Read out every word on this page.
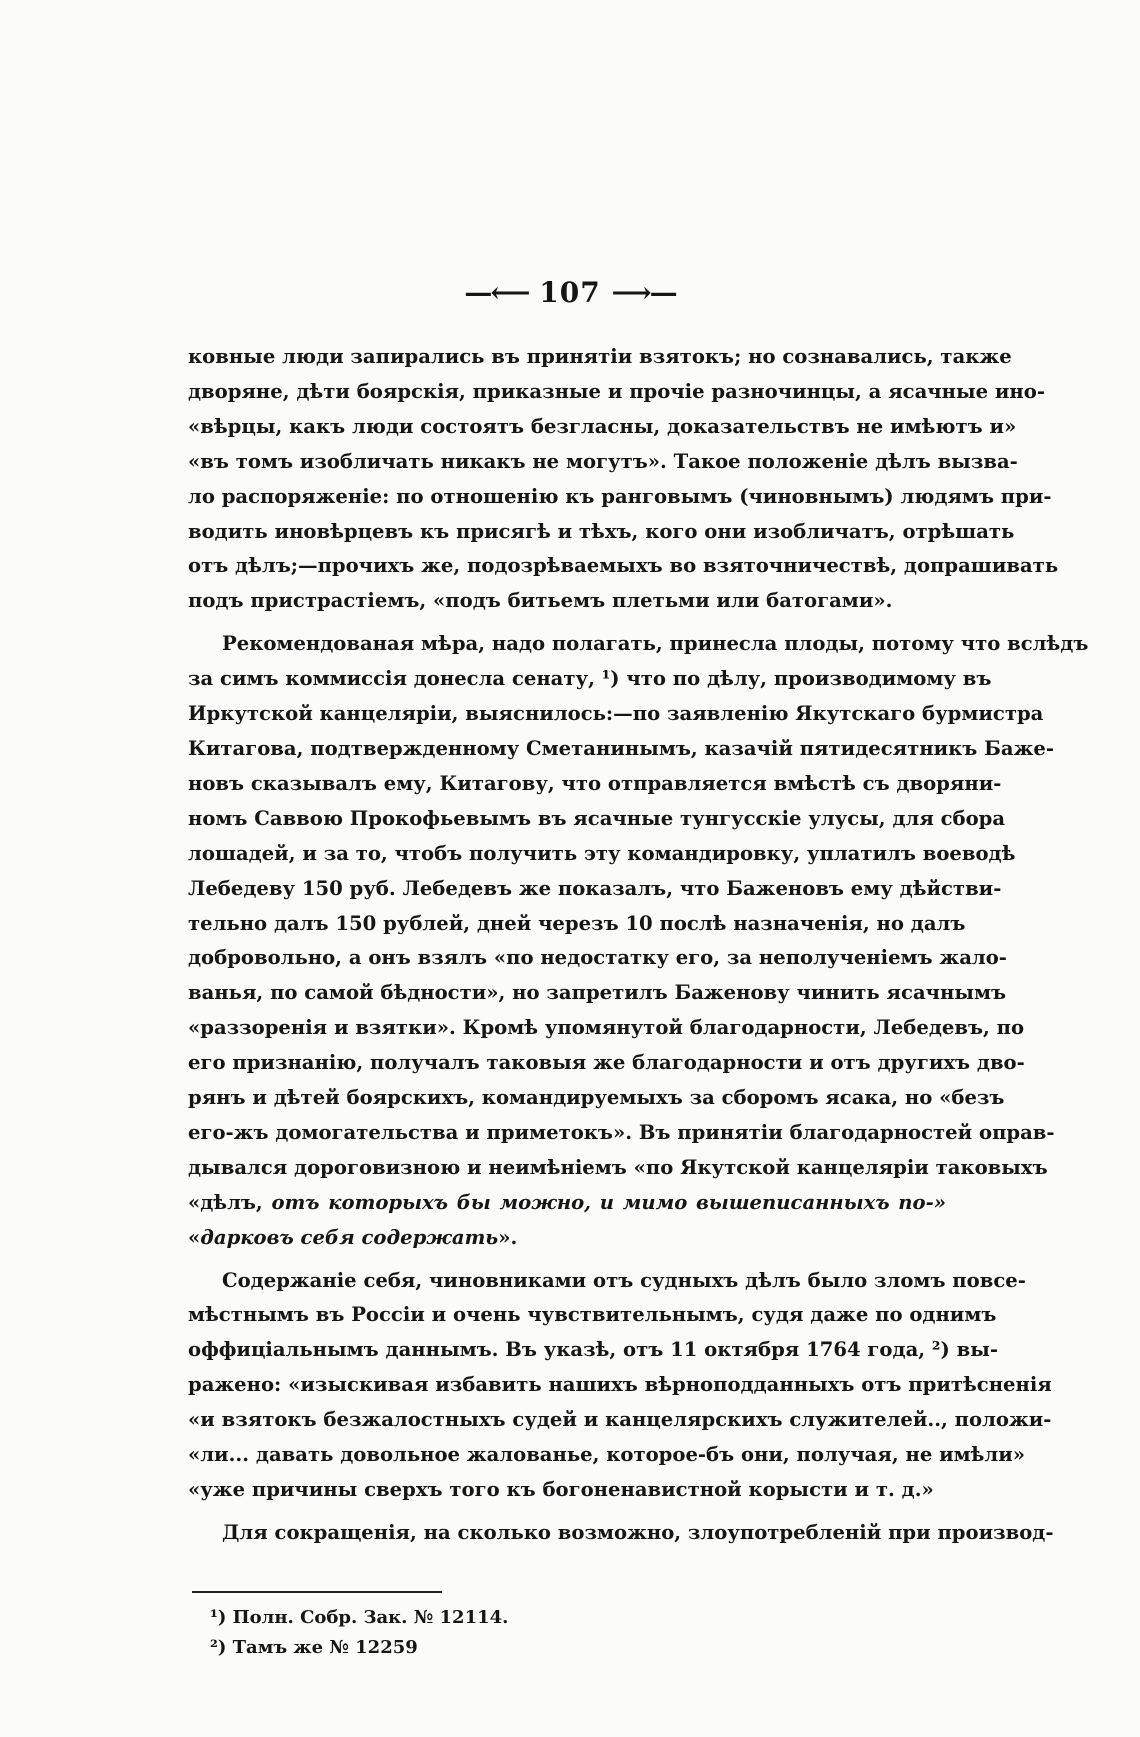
—⟵ 107 ⟶—
ковные люди запирались въ принятіи взятокъ; но сознавались, также
дворяне, дѣти боярскія, приказные и прочіе разночинцы, а ясачные ино-
«вѣрцы, какъ люди состоятъ безгласны, доказательствъ не имѣютъ и»
«въ томъ изобличать никакъ не могутъ». Такое положеніе дѣлъ вызва-
ло распоряженіе: по отношенію къ ранговымъ (чиновнымъ) людямъ при-
водить иновѣрцевъ къ присягѣ и тѣхъ, кого они изобличатъ, отрѣшать
отъ дѣлъ;—прочихъ же, подозрѣваемыхъ во взяточничествѣ, допрашивать
подъ пристрастіемъ, «подъ битьемъ плетьми или батогами».
Рекомендованая мѣра, надо полагать, принесла плоды, потому что вслѣдъ
за симъ коммиссія донесла сенату, ¹) что по дѣлу, производимому въ
Иркутской канцеляріи, выяснилось:—по заявленію Якутскаго бурмистра
Китагова, подтвержденному Сметанинымъ, казачій пятидесятникъ Баже-
новъ сказывалъ ему, Китагову, что отправляется вмѣстѣ съ дворяни-
номъ Саввою Прокофьевымъ въ ясачные тунгусскіе улусы, для сбора
лошадей, и за то, чтобъ получить эту командировку, уплатилъ воеводѣ
Лебедеву 150 руб. Лебедевъ же показалъ, что Баженовъ ему дѣйстви-
тельно далъ 150 рублей, дней черезъ 10 послѣ назначенія, но далъ
добровольно, а онъ взялъ «по недостатку его, за неполученіемъ жало-
ванья, по самой бѣдности», но запретилъ Баженову чинить ясачнымъ
«раззоренія и взятки». Кромѣ упомянутой благодарности, Лебедевъ, по
его признанію, получалъ таковыя же благодарности и отъ другихъ дво-
рянъ и дѣтей боярскихъ, командируемыхъ за сборомъ ясака, но «безъ
его-жъ домогательства и приметокъ». Въ принятіи благодарностей оправ-
дывался дороговизною и неимѣніемъ «по Якутской канцеляріи таковыхъ
«дѣлъ, отъ которыхъ бы можно, и мимо вышеписанныхъ по-»
«дарковъ себя содержать».
Содержаніе себя, чиновниками отъ судныхъ дѣлъ было зломъ повсе-
мѣстнымъ въ Россіи и очень чувствительнымъ, судя даже по однимъ
оффиціальнымъ даннымъ. Въ указѣ, отъ 11 октября 1764 года, ²) вы-
ражено: «изыскивая избавить нашихъ вѣрноподданныхъ отъ притѣсненія
«и взятокъ безжалостныхъ судей и канцелярскихъ служителей.., положи-
«ли... давать довольное жалованье, которое-бъ они, получая, не имѣли»
«уже причины сверхъ того къ богоненавистной корысти и т. д.»
Для сокращенія, на сколько возможно, злоупотребленій при производ-
¹) Полн. Собр. Зак. № 12114.
²) Тамъ же № 12259
